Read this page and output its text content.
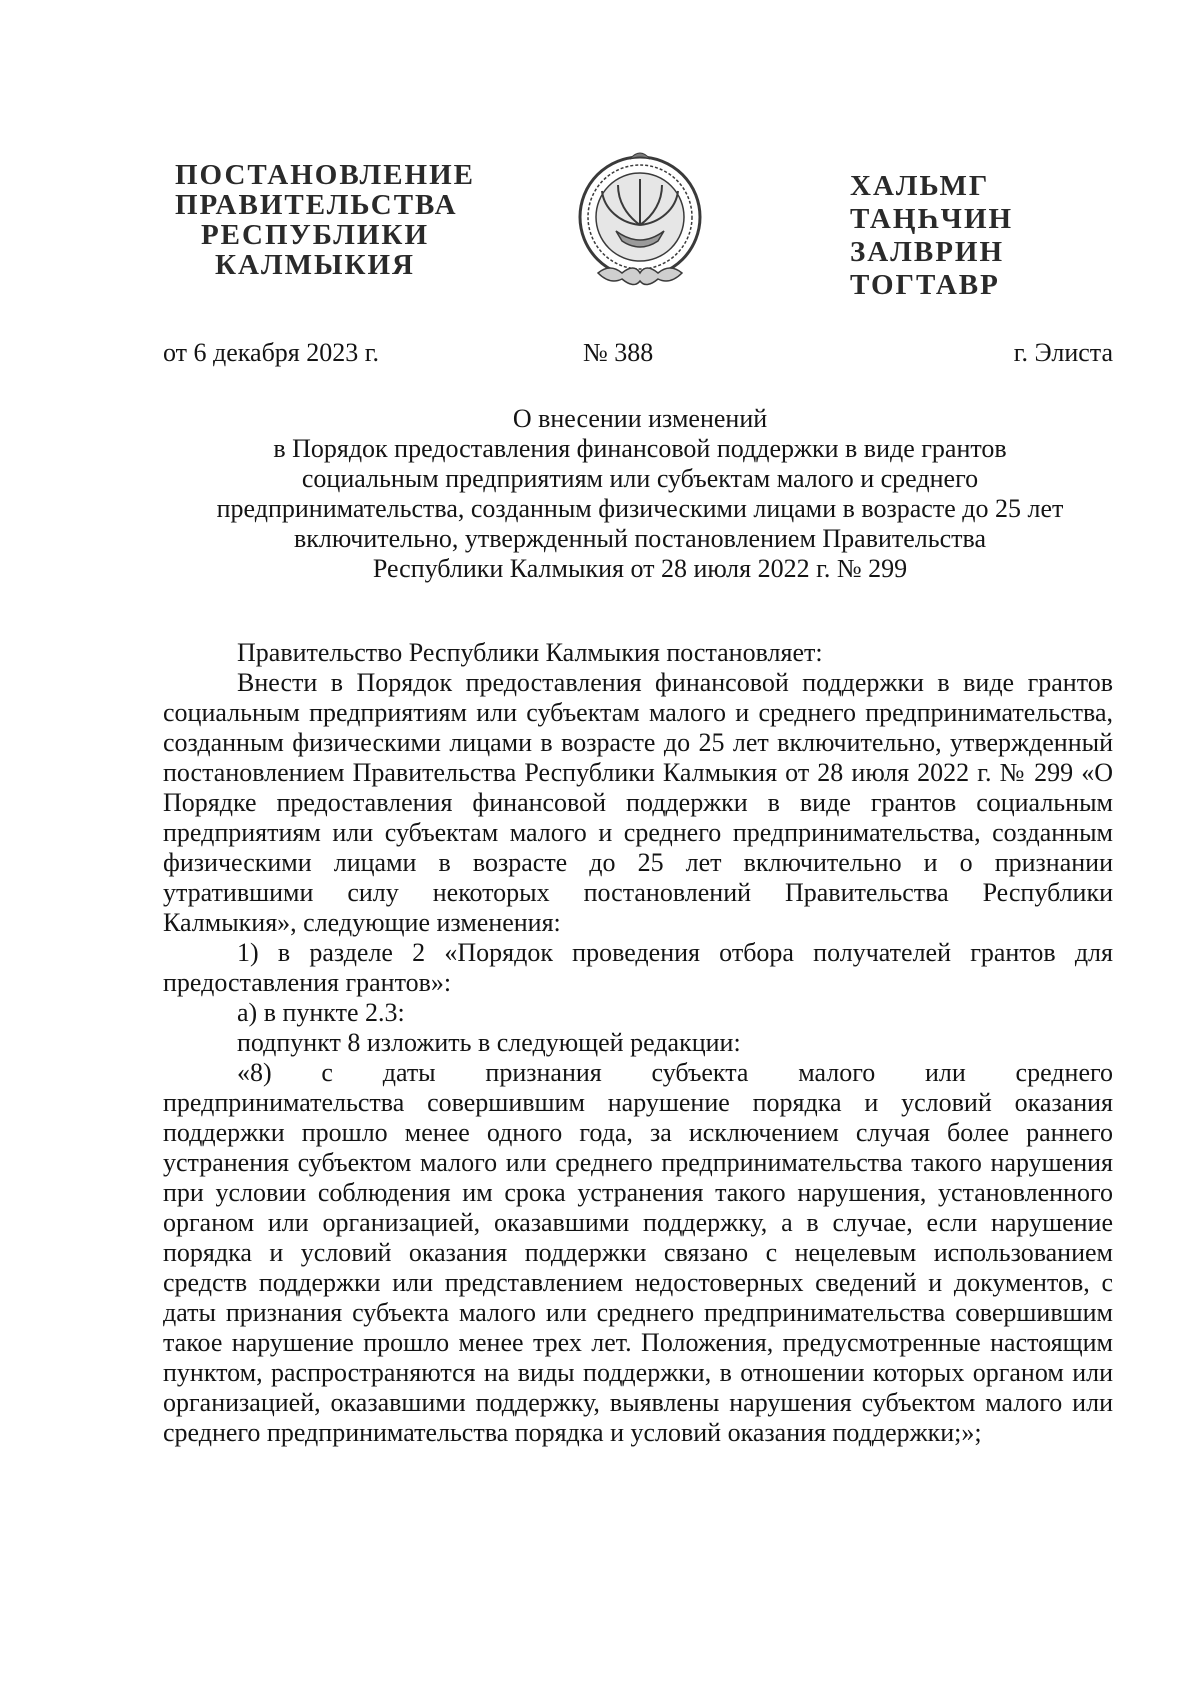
ПОСТАНОВЛЕНИЕ
ПРАВИТЕЛЬСТВА
РЕСПУБЛИКИ
КАЛМЫКИЯ
ХАЛЬМГ
ТАҢҺЧИН
ЗАЛВРИН
ТОГТАВР
от 6 декабря 2023 г.	№ 388	г. Элиста
О внесении изменений
в Порядок предоставления финансовой поддержки в виде грантов
социальным предприятиям или субъектам малого и среднего
предпринимательства, созданным физическими лицами в возрасте до 25 лет
включительно, утвержденный постановлением Правительства
Республики Калмыкия от 28 июля 2022 г. № 299

Правительство Республики Калмыкия постановляет:

Внести в Порядок предоставления финансовой поддержки в виде грантов социальным предприятиям или субъектам малого и среднего предпринимательства, созданным физическими лицами в возрасте до 25 лет включительно, утвержденный постановлением Правительства Республики Калмыкия от 28 июля 2022 г. № 299 «О Порядке предоставления финансовой поддержки в виде грантов социальным предприятиям или субъектам малого и среднего предпринимательства, созданным физическими лицами в возрасте до 25 лет включительно и о признании утратившими силу некоторых постановлений Правительства Республики Калмыкия», следующие изменения:

1) в разделе 2 «Порядок проведения отбора получателей грантов для предоставления грантов»:

а) в пункте 2.3:

подпункт 8 изложить в следующей редакции:

«8) с даты признания субъекта малого или среднего

предпринимательства совершившим нарушение порядка и условий оказания поддержки прошло менее одного года, за исключением случая более раннего устранения субъектом малого или среднего предпринимательства такого нарушения при условии соблюдения им срока устранения такого нарушения, установленного органом или организацией, оказавшими поддержку, а в случае, если нарушение порядка и условий оказания поддержки связано с нецелевым использованием средств поддержки или представлением недостоверных сведений и документов, с даты признания субъекта малого или среднего предпринимательства совершившим такое нарушение прошло менее трех лет. Положения, предусмотренные настоящим пунктом, распространяются на виды поддержки, в отношении которых органом или организацией, оказавшими поддержку, выявлены нарушения субъектом малого или среднего предпринимательства порядка и условий оказания поддержки;»;
